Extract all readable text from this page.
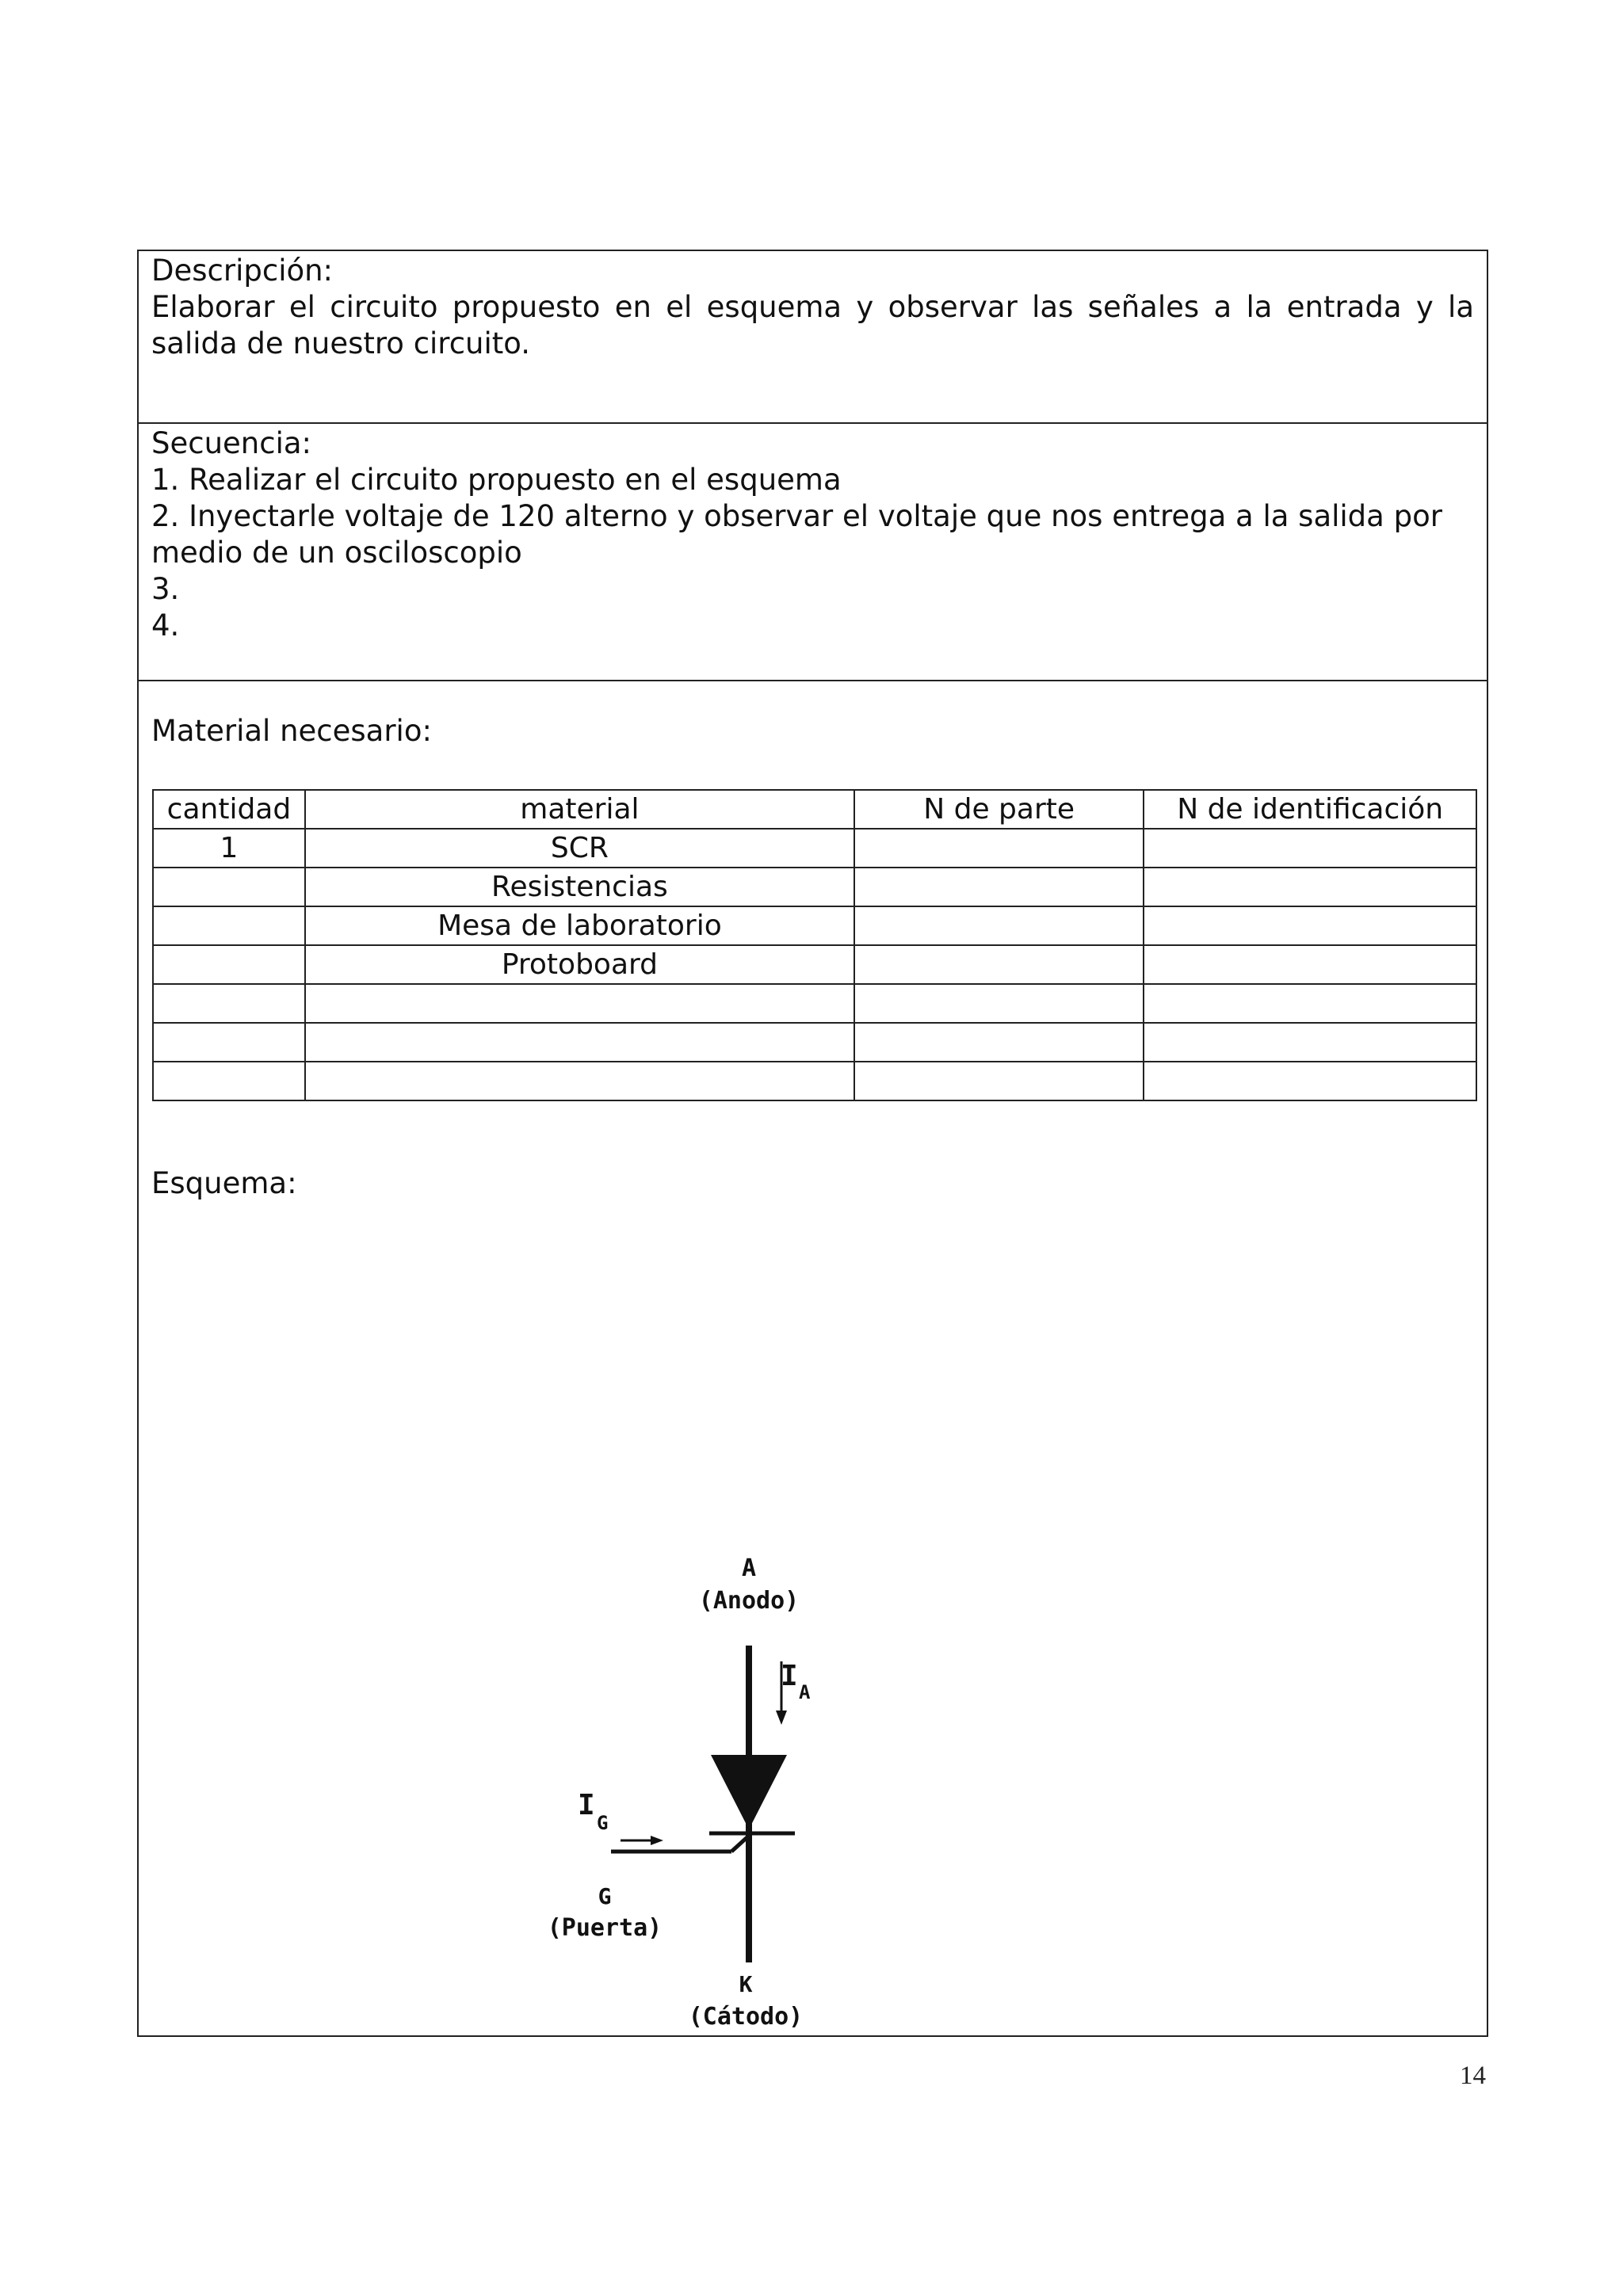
Descripción:
Elaborar el circuito propuesto en el esquema y observar las señales a la entrada y la salida de nuestro circuito.
Secuencia:
1. Realizar el circuito propuesto en el esquema
2. Inyectarle voltaje de 120 alterno y observar el voltaje que nos entrega a la salida por medio de un osciloscopio
3.
4.
Material necesario:
cantidad	material	N de parte	N de identificación
1	SCR		
	Resistencias		
	Mesa de laboratorio		
	Protoboard		

Esquema:
A
(Anodo)
I A
I
G
G
(Puerta)
K
(Cátodo)
14
